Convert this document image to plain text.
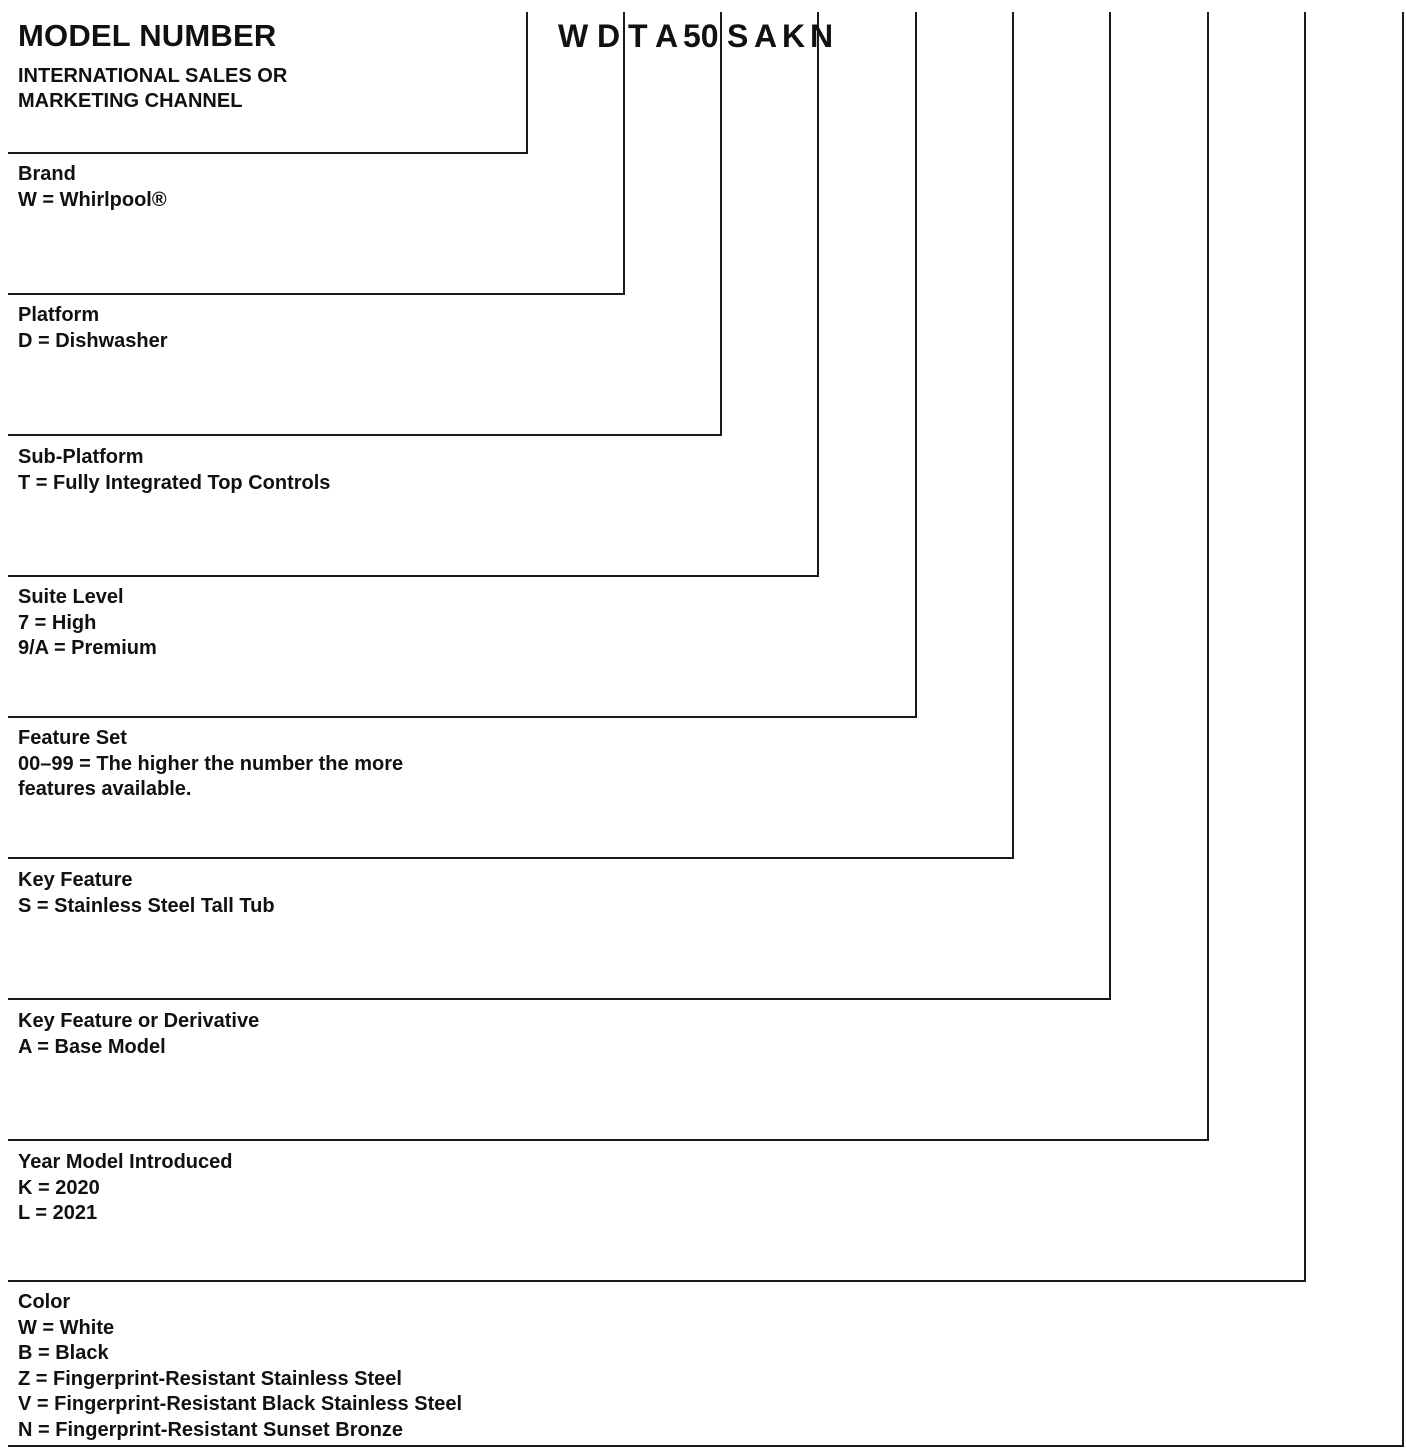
MODEL NUMBER
INTERNATIONAL SALES OR
MARKETING CHANNEL
W D T A 50 S A K N
Brand
W = Whirlpool®
Platform
D = Dishwasher
Sub-Platform
T = Fully Integrated Top Controls
Suite Level
7 = High
9/A = Premium
Feature Set
00–99 = The higher the number the more
features available.
Key Feature
S = Stainless Steel Tall Tub
Key Feature or Derivative
A = Base Model
Year Model Introduced
K = 2020
L = 2021
Color
W = White
B = Black
Z = Fingerprint-Resistant Stainless Steel
V = Fingerprint-Resistant Black Stainless Steel
N = Fingerprint-Resistant Sunset Bronze
